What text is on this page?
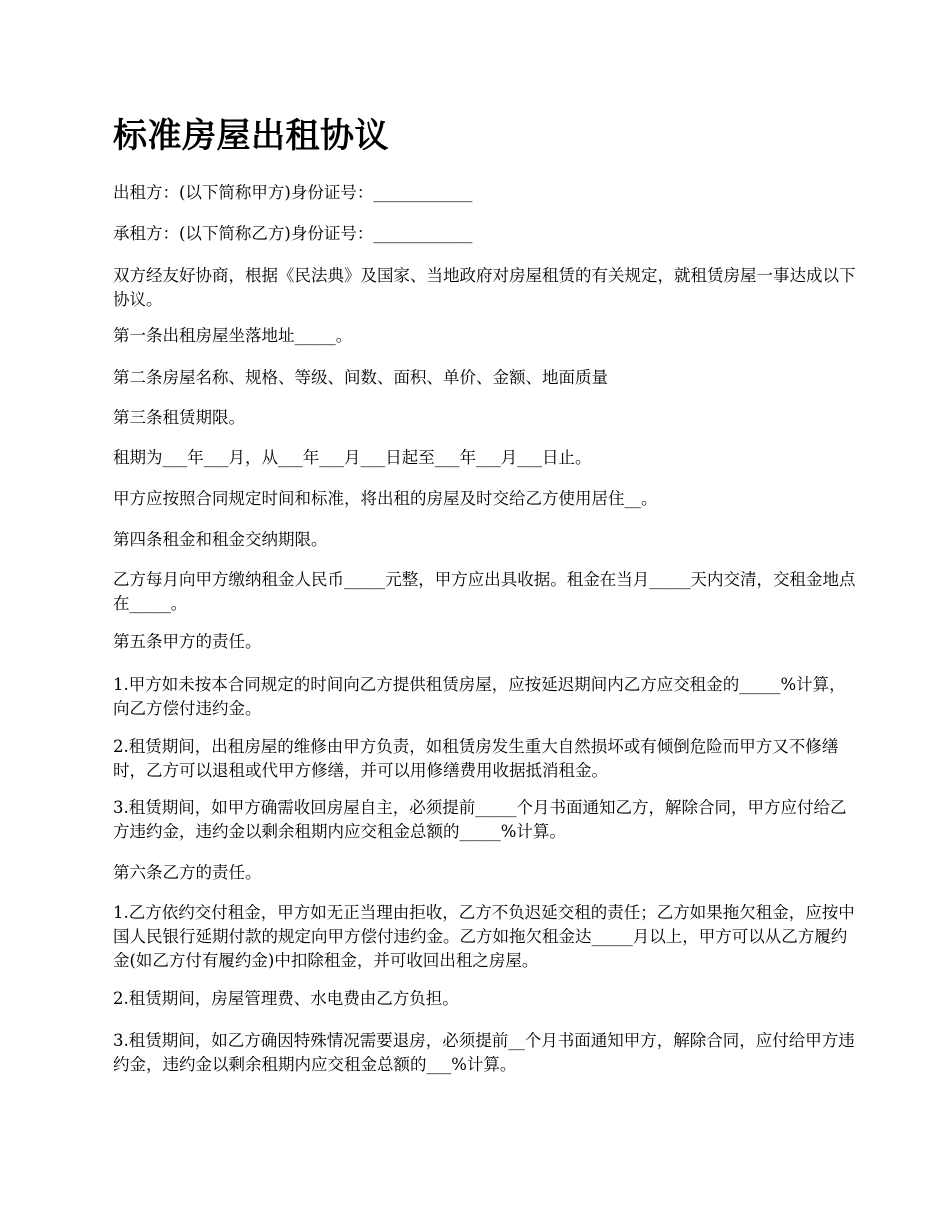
标准房屋出租协议

出租方：(以下简称甲方)身份证号：____________

承租方：(以下简称乙方)身份证号：____________

双方经友好协商，根据《民法典》及国家、当地政府对房屋租赁的有关规定，就租赁房屋一事达成以下协议。

第一条出租房屋坐落地址_____。

第二条房屋名称、规格、等级、间数、面积、单价、金额、地面质量

第三条租赁期限。

租期为___年___月，从___年___月___日起至___年___月___日止。

甲方应按照合同规定时间和标准，将出租的房屋及时交给乙方使用居住__。

第四条租金和租金交纳期限。

乙方每月向甲方缴纳租金人民币_____元整，甲方应出具收据。租金在当月_____天内交清，交租金地点在_____。

第五条甲方的责任。

1.甲方如未按本合同规定的时间向乙方提供租赁房屋，应按延迟期间内乙方应交租金的_____%计算，向乙方偿付违约金。

2.租赁期间，出租房屋的维修由甲方负责，如租赁房发生重大自然损坏或有倾倒危险而甲方又不修缮时，乙方可以退租或代甲方修缮，并可以用修缮费用收据抵消租金。

3.租赁期间，如甲方确需收回房屋自主，必须提前_____个月书面通知乙方，解除合同，甲方应付给乙方违约金，违约金以剩余租期内应交租金总额的_____%计算。

第六条乙方的责任。

1.乙方依约交付租金，甲方如无正当理由拒收，乙方不负迟延交租的责任；乙方如果拖欠租金，应按中国人民银行延期付款的规定向甲方偿付违约金。乙方如拖欠租金达_____月以上，甲方可以从乙方履约金(如乙方付有履约金)中扣除租金，并可收回出租之房屋。

2.租赁期间，房屋管理费、水电费由乙方负担。

3.租赁期间，如乙方确因特殊情况需要退房，必须提前__个月书面通知甲方，解除合同，应付给甲方违约金，违约金以剩余租期内应交租金总额的___%计算。
